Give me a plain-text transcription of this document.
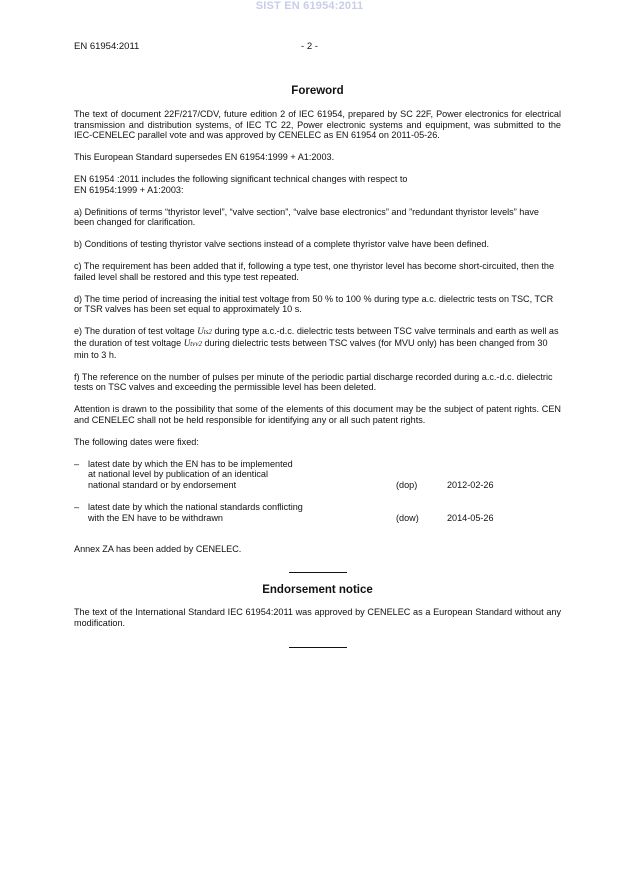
SIST EN 61954:2011
EN 61954:2011	- 2 -
Foreword

The text of document 22F/217/CDV, future edition 2 of IEC 61954, prepared by SC 22F, Power electronics for electrical transmission and distribution systems, of IEC TC 22, Power electronic systems and equipment, was submitted to the IEC-CENELEC parallel vote and was approved by CENELEC as EN 61954 on 2011-05-26.

This European Standard supersedes EN 61954:1999 + A1:2003.

EN 61954 :2011 includes the following significant technical changes with respect to
EN 61954:1999 + A1:2003:

a) Definitions of terms “thyristor level”, “valve section”, “valve base electronics” and ”redundant thyristor levels” have been changed for clarification.

b) Conditions of testing thyristor valve sections instead of a complete thyristor valve have been defined.

c) The requirement has been added that if, following a type test, one thyristor level has become short-circuited, then the failed level shall be restored and this type test repeated.

d) The time period of increasing the initial test voltage from 50 % to 100 % during type a.c. dielectric tests on TSC, TCR or TSR valves has been set equal to approximately 10 s.

e) The duration of test voltage Uts2 during type a.c.-d.c. dielectric tests between TSC valve terminals and earth as well as the duration of test voltage Utvv2 during dielectric tests between TSC valves (for MVU only) has been changed from 30 min to 3 h.

f) The reference on the number of pulses per minute of the periodic partial discharge recorded during a.c.-d.c. dielectric tests on TSC valves and exceeding the permissible level has been deleted.

Attention is drawn to the possibility that some of the elements of this document may be the subject of patent rights. CEN and CENELEC shall not be held responsible for identifying any or all such patent rights.

The following dates were fixed:

– latest date by which the EN has to be implemented
at national level by publication of an identical
national standard or by endorsement	(dop)	2012-02-26
– latest date by which the national standards conflicting
with the EN have to be withdrawn	(dow)	2014-05-26

Annex ZA has been added by CENELEC.

Endorsement notice

The text of the International Standard IEC 61954:2011 was approved by CENELEC as a European Standard without any modification.
